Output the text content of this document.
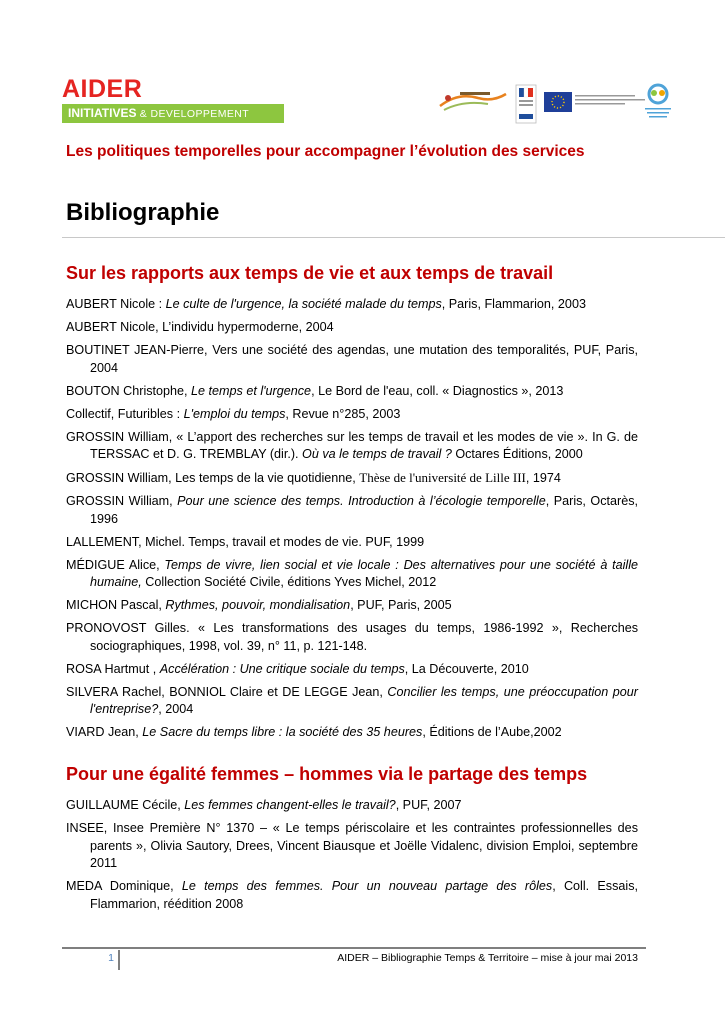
AIDER
INITIATIVES & DEVELOPPEMENT
Les politiques temporelles pour accompagner l’évolution des services
Bibliographie
Sur les rapports aux temps de vie et aux temps de travail
AUBERT Nicole : Le culte de l'urgence, la société malade du temps, Paris, Flammarion, 2003
AUBERT Nicole, L’individu hypermoderne, 2004
BOUTINET JEAN-Pierre, Vers une société des agendas, une mutation des temporalités, PUF, Paris, 2004
BOUTON Christophe, Le temps et l'urgence, Le Bord de l'eau, coll. « Diagnostics », 2013
Collectif, Futuribles : L'emploi du temps, Revue n°285, 2003
GROSSIN William, « L’apport des recherches sur les temps de travail et les modes de vie ». In G. de TERSSAC et D. G. TREMBLAY (dir.). Où va le temps de travail ? Octares Éditions, 2000
GROSSIN William, Les temps de la vie quotidienne, Thèse de l'université de Lille III, 1974
GROSSIN William, Pour une science des temps. Introduction à l’écologie temporelle, Paris, Octarès, 1996
LALLEMENT, Michel. Temps, travail et modes de vie. PUF, 1999
MÉDIGUE Alice, Temps de vivre, lien social et vie locale : Des alternatives pour une société à taille humaine, Collection Société Civile, éditions Yves Michel, 2012
MICHON Pascal, Rythmes, pouvoir, mondialisation, PUF, Paris, 2005
PRONOVOST Gilles. « Les transformations des usages du temps, 1986-1992 », Recherches sociographiques, 1998, vol. 39, n° 11, p. 121-148.
ROSA Hartmut , Accélération : Une critique sociale du temps, La Découverte, 2010
SILVERA Rachel, BONNIOL Claire et DE LEGGE Jean, Concilier les temps, une préoccupation pour l'entreprise?, 2004
VIARD Jean, Le Sacre du temps libre : la société des 35 heures, Éditions de l’Aube,2002
Pour une égalité femmes – hommes via le partage des temps
GUILLAUME Cécile, Les femmes changent-elles le travail?, PUF, 2007
INSEE, Insee Première N° 1370 – « Le temps périscolaire et les contraintes professionnelles des parents », Olivia Sautory, Drees, Vincent Biausque et Joëlle Vidalenc, division Emploi, septembre 2011
MEDA Dominique, Le temps des femmes. Pour un nouveau partage des rôles, Coll. Essais, Flammarion, réédition 2008
1	AIDER – Bibliographie Temps & Territoire – mise à jour mai 2013
